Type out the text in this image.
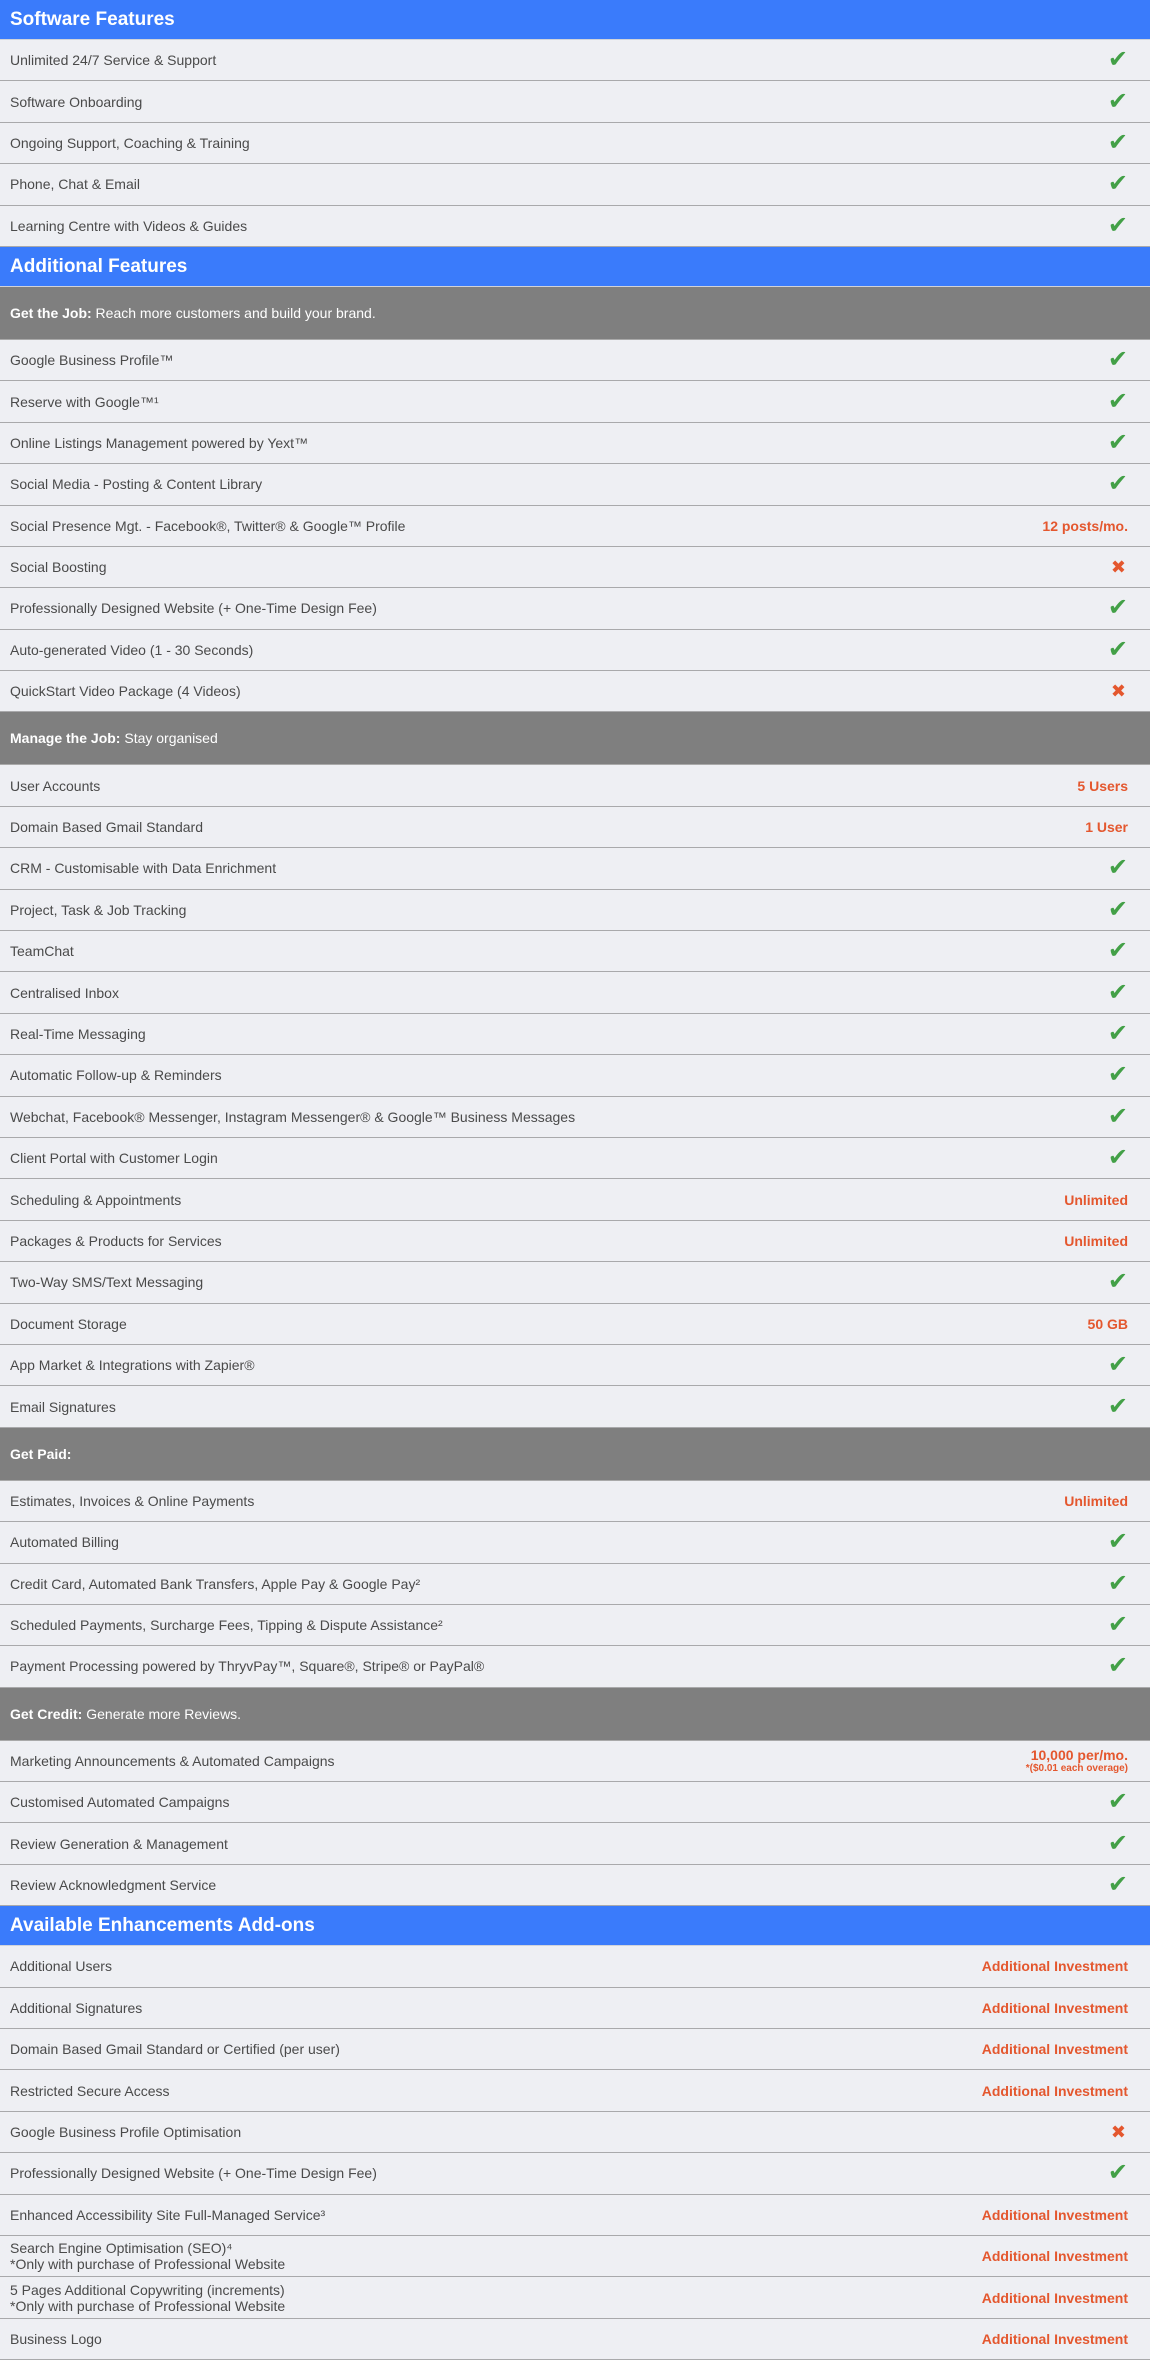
Software Features
Unlimited 24/7 Service & Support	✔
Software Onboarding	✔
Ongoing Support, Coaching & Training	✔
Phone, Chat & Email	✔
Learning Centre with Videos & Guides	✔
Additional Features
Get the Job: Reach more customers and build your brand.
Google Business Profile™	✔
Reserve with Google™¹	✔
Online Listings Management powered by Yext™	✔
Social Media - Posting & Content Library	✔
Social Presence Mgt. - Facebook®, Twitter® & Google™ Profile	12 posts/mo.
Social Boosting	✖
Professionally Designed Website (+ One-Time Design Fee)	✔
Auto-generated Video (1 - 30 Seconds)	✔
QuickStart Video Package (4 Videos)	✖
Manage the Job: Stay organised
User Accounts	5 Users
Domain Based Gmail Standard	1 User
CRM - Customisable with Data Enrichment	✔
Project, Task & Job Tracking	✔
TeamChat	✔
Centralised Inbox	✔
Real-Time Messaging	✔
Automatic Follow-up & Reminders	✔
Webchat, Facebook® Messenger, Instagram Messenger® & Google™ Business Messages	✔
Client Portal with Customer Login	✔
Scheduling & Appointments	Unlimited
Packages & Products for Services	Unlimited
Two-Way SMS/Text Messaging	✔
Document Storage	50 GB
App Market & Integrations with Zapier®	✔
Email Signatures	✔
Get Paid:
Estimates, Invoices & Online Payments	Unlimited
Automated Billing	✔
Credit Card, Automated Bank Transfers, Apple Pay & Google Pay²	✔
Scheduled Payments, Surcharge Fees, Tipping & Dispute Assistance²	✔
Payment Processing powered by ThryvPay™, Square®, Stripe® or PayPal®	✔
Get Credit: Generate more Reviews.
Marketing Announcements & Automated Campaigns	10,000 per/mo.
*($0.01 each overage)
Customised Automated Campaigns	✔
Review Generation & Management	✔
Review Acknowledgment Service	✔
Available Enhancements Add-ons
Additional Users	Additional Investment
Additional Signatures	Additional Investment
Domain Based Gmail Standard or Certified (per user)	Additional Investment
Restricted Secure Access	Additional Investment
Google Business Profile Optimisation	✖
Professionally Designed Website (+ One-Time Design Fee)	✔
Enhanced Accessibility Site Full-Managed Service³	Additional Investment
Search Engine Optimisation (SEO)⁴
*Only with purchase of Professional Website	Additional Investment
5 Pages Additional Copywriting (increments)
*Only with purchase of Professional Website	Additional Investment
Business Logo	Additional Investment
